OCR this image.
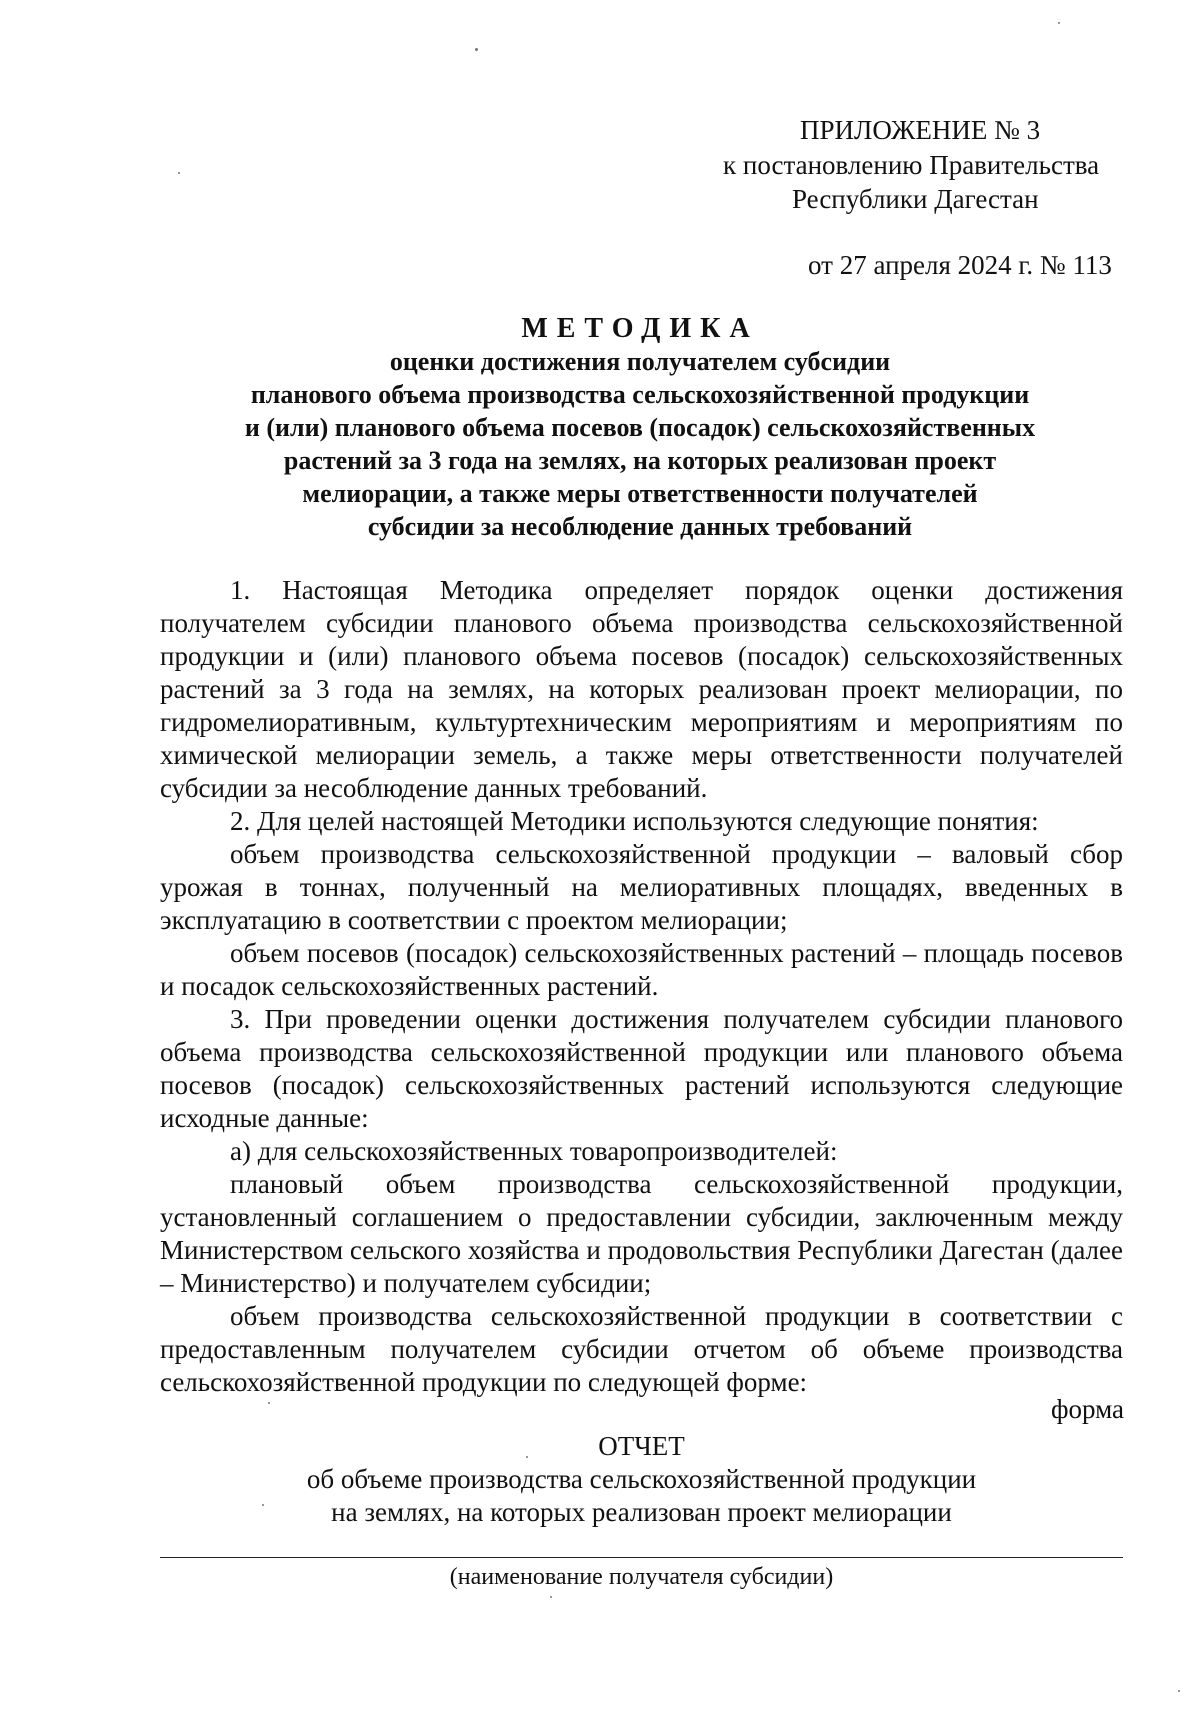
ПРИЛОЖЕНИЕ № 3
к постановлению Правительства
Республики Дагестан
от 27 апреля 2024 г. № 113
МЕТОДИКА
оценки достижения получателем субсидии
планового объема производства сельскохозяйственной продукции
и (или) планового объема посевов (посадок) сельскохозяйственных
растений за 3 года на землях, на которых реализован проект
мелиорации, а также меры ответственности получателей
субсидии за несоблюдение данных требований

1. Настоящая Методика определяет порядок оценки достижения получателем субсидии планового объема производства сельскохозяйственной продукции и (или) планового объема посевов (посадок) сельскохозяйственных растений за 3 года на землях, на которых реализован проект мелиорации, по гидромелиоративным, культуртехническим мероприятиям и мероприятиям по химической мелиорации земель, а также меры ответственности получателей субсидии за несоблюдение данных требований.

2. Для целей настоящей Методики используются следующие понятия:

объем производства сельскохозяйственной продукции – валовый сбор урожая в тоннах, полученный на мелиоративных площадях, введенных в эксплуатацию в соответствии с проектом мелиорации;

объем посевов (посадок) сельскохозяйственных растений – площадь посевов и посадок сельскохозяйственных растений.

3. При проведении оценки достижения получателем субсидии планового объема производства сельскохозяйственной продукции или планового объема посевов (посадок) сельскохозяйственных растений используются следующие исходные данные:

а) для сельскохозяйственных товаропроизводителей:

плановый объем производства сельскохозяйственной продукции, установленный соглашением о предоставлении субсидии, заключенным между Министерством сельского хозяйства и продовольствия Республики Дагестан (далее – Министерство) и получателем субсидии;

объем производства сельскохозяйственной продукции в соответствии с предоставленным получателем субсидии отчетом об объеме производства сельскохозяйственной продукции по следующей форме:

форма
ОТЧЕТ
об объеме производства сельскохозяйственной продукции
на землях, на которых реализован проект мелиорации
(наименование получателя субсидии)
